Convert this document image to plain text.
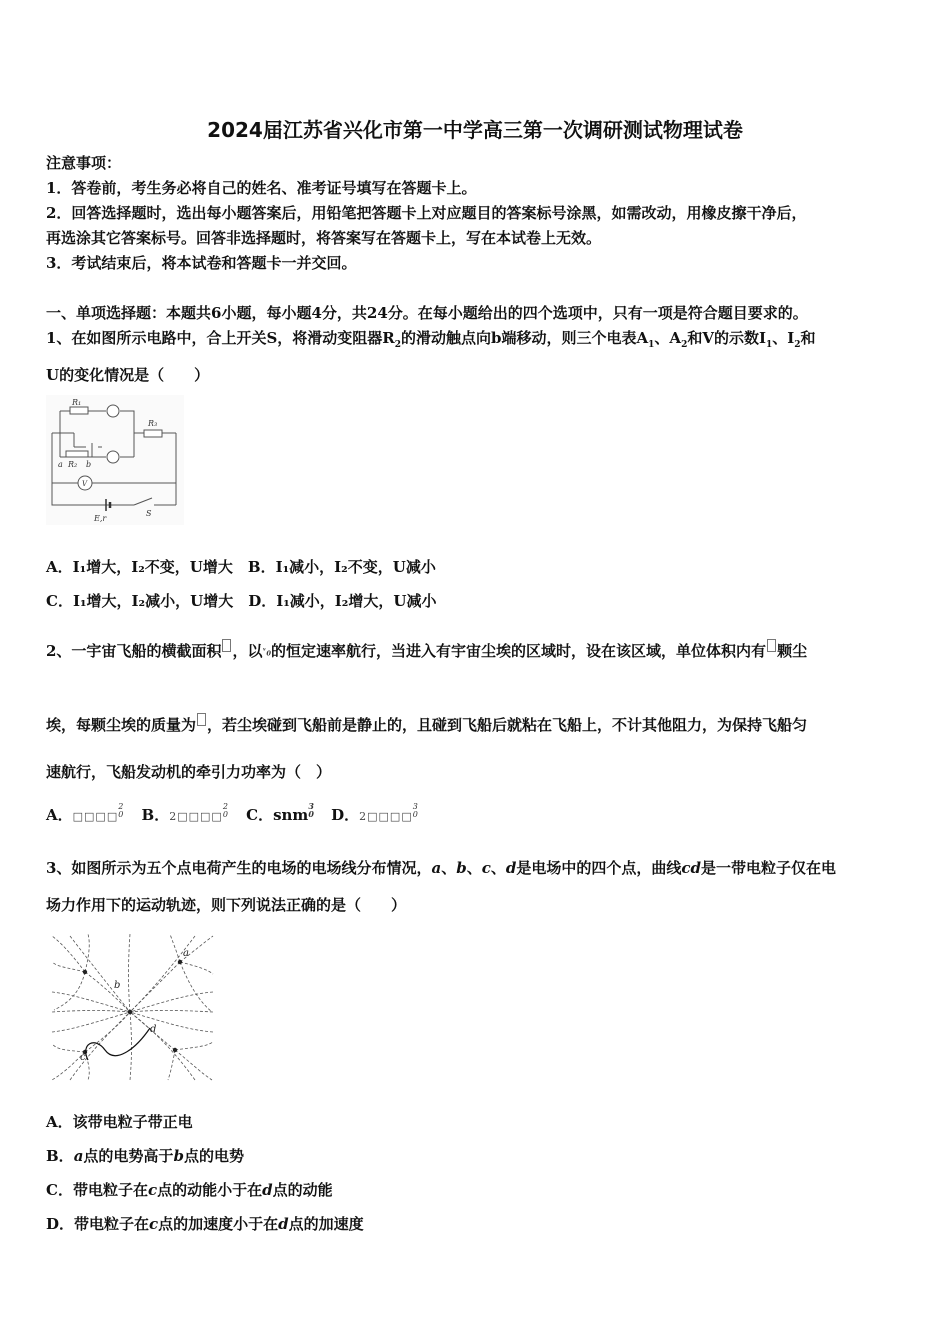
2024届江苏省兴化市第一中学高三第一次调研测试物理试卷
注意事项：
1．答卷前，考生务必将自己的姓名、准考证号填写在答题卡上。
2．回答选择题时，选出每小题答案后，用铅笔把答题卡上对应题目的答案标号涂黑，如需改动，用橡皮擦干净后，
再选涂其它答案标号。回答非选择题时，将答案写在答题卡上，写在本试卷上无效。
3．考试结束后，将本试卷和答题卡一并交回。
一、单项选择题：本题共6小题，每小题4分，共24分。在每小题给出的四个选项中，只有一项是符合题目要求的。
1、在如图所示电路中，合上开关S，将滑动变阻器$R_2$的滑动触点向b端移动，则三个电表$A_1$、$A_2$和V的示数$I_1$、$I_2$和
U的变化情况是（　　）
R₁
R₃
R₂
a	b
V
S
E,r
A．I₁增大，I₂不变，U增大　B．I₁减小，I₂不变，U减小
C．I₁增大，I₂减小，U增大　D．I₁减小，I₂增大，U减小
2、一宇宙飞船的横截面积 ，以ᵛ$_0$的恒定速率航行，当进入有宇宙尘埃的区域时，设在该区域，单位体积内有 颗尘
埃，每颗尘埃的质量为 ，若尘埃碰到飞船前是静止的，且碰到飞船后就粘在飞船上，不计其他阻力，为保持飞船匀
速航行，飞船发动机的牵引力功率为（　）
A．□□□□2
0 B．2□□□□2
0 C．snm3
0 D．2□□□□3
0
3、如图所示为五个点电荷产生的电场的电场线分布情况，a、b、c、d是电场中的四个点，曲线cd是一带电粒子仅在电
场力作用下的运动轨迹，则下列说法正确的是（　　）
a
b
c
d
A．该带电粒子带正电
B．a点的电势高于b点的电势
C．带电粒子在c点的动能小于在d点的动能
D．带电粒子在c点的加速度小于在d点的加速度
